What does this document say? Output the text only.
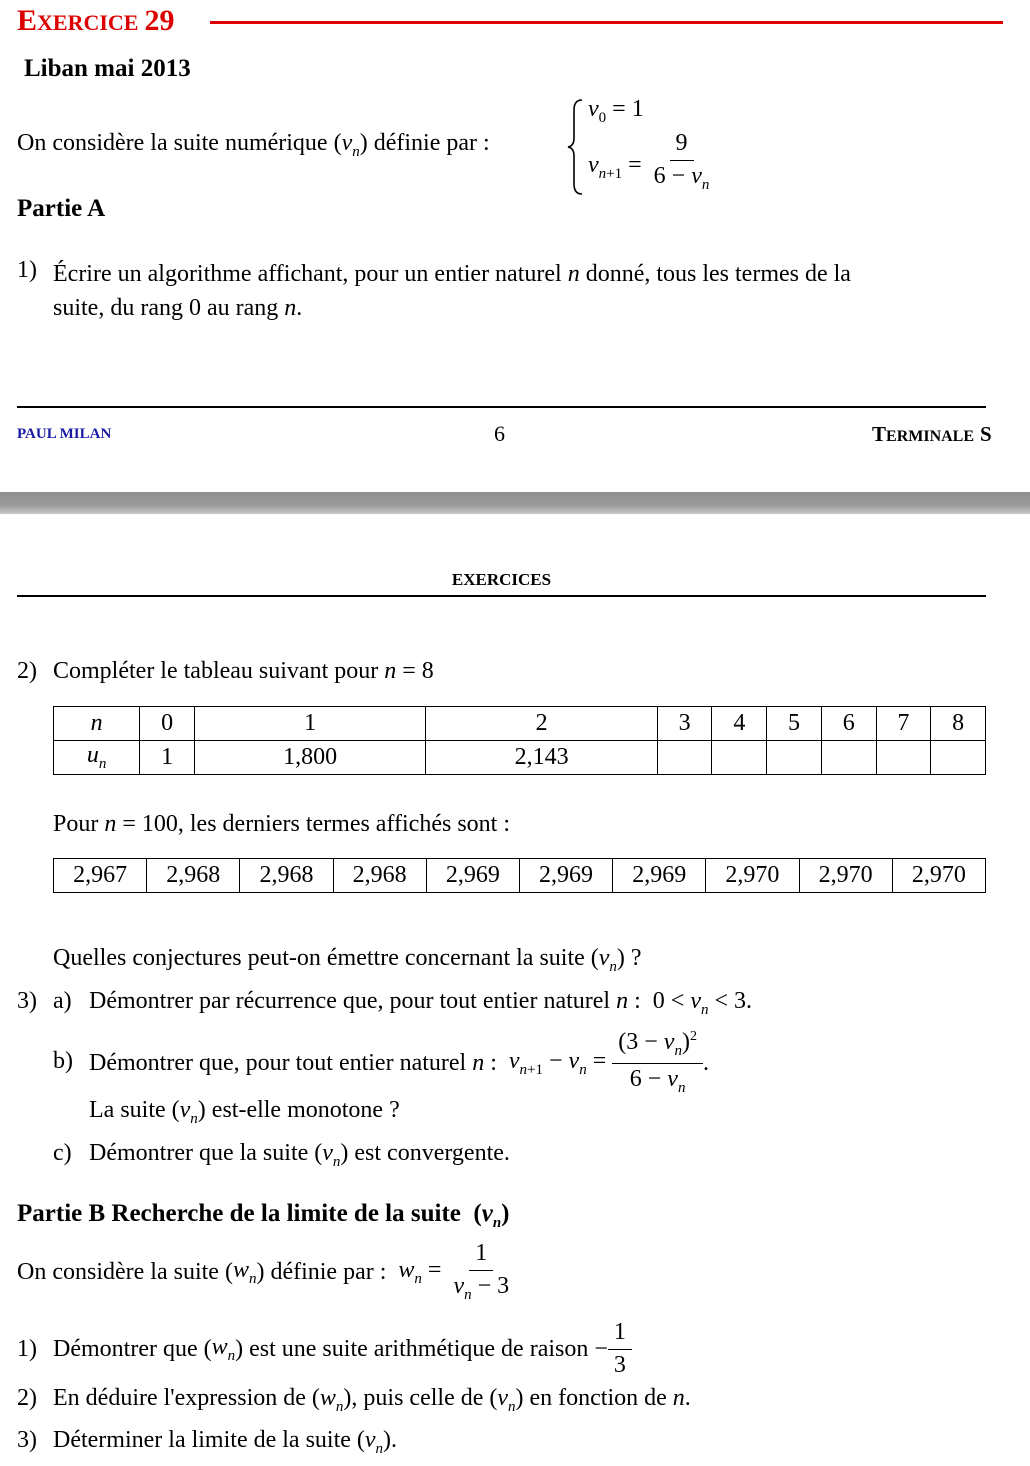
EXERCICE 29
Liban mai 2013
On considère la suite numérique $(v_n)$ définie par :
$v_0 = 1$
$v_{n+1} = \frac{9}{6 - v_n}$
Partie A
1) Écrire un algorithme affichant, pour un entier naturel n donné, tous les termes de la
suite, du rang 0 au rang n.
PAUL MILAN	6	TERMINALE S
EXERCICES
2) Compléter le tableau suivant pour n = 8
n	0	1	2	3	4	5	6	7	8
$u_n$	1	1,800	2,143						
Pour n = 100, les derniers termes affichés sont :
2,967	2,968	2,968	2,968	2,969	2,969	2,969	2,970	2,970	2,970
Quelles conjectures peut-on émettre concernant la suite $(v_n)$ ?
3) a) Démontrer par récurrence que, pour tout entier naturel n :  $0 < v_n < 3$.
b) Démontrer que, pour tout entier naturel
n : $v_{n+1} - v_n = \frac{(3 - v_n)^2}{6 - v_n}$ .
La suite $(v_n)$ est-elle monotone ?
c) Démontrer que la suite $(v_n)$ est convergente.
Partie B Recherche de la limite de la suite  $(v_n)$
On considère la suite ( $w_n$ ) définie par :
$w_n = \frac{1}{v_n - 3}$
1) Démontrer que ( $w_n$ ) est une suite arithmétique de raison − $\frac{1}{3}$
2) En déduire l'expression de $(w_n)$, puis celle de $(v_n)$ en fonction de n.
3) Déterminer la limite de la suite $(v_n)$.
